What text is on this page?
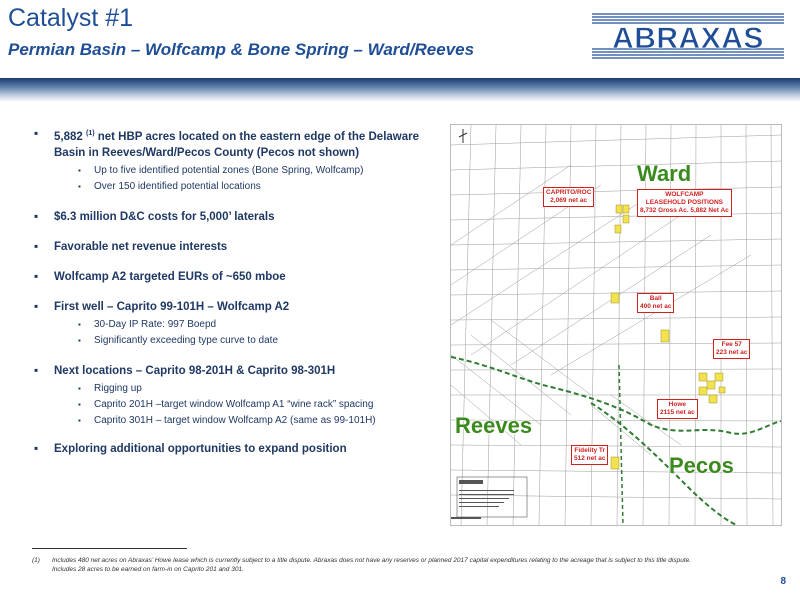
Catalyst #1
Permian Basin – Wolfcamp & Bone Spring – Ward/Reeves	ABRAXAS
▪ 5,882 $^{(1)}$ net HBP acres located on the eastern edge of the Delaware Basin in Reeves/Ward/Pecos County (Pecos not shown)
▪ Up to five identified potential zones (Bone Spring, Wolfcamp)
▪ Over 150 identified potential locations
▪ $6.3 million D&C costs for 5,000’ laterals
▪ Favorable net revenue interests
▪ Wolfcamp A2 targeted EURs of ~650 mboe
▪ First well – Caprito 99-101H – Wolfcamp A2
▪ 30-Day IP Rate: 997 Boepd
▪ Significantly exceeding type curve to date
▪ Next locations – Caprito 98-201H & Caprito 98-301H
▪ Rigging up
▪ Caprito 201H –target window Wolfcamp A1 “wine rack” spacing
▪ Caprito 301H – target window Wolfcamp A2 (same as 99-101H)
▪ Exploring additional opportunities to expand position
Ward
Reeves
Pecos
CAPRITO/ROC
2,069 net ac
WOLFCAMP
LEASEHOLD POSITIONS
8,732 Gross Ac. 5,882 Net Ac
Ball
400 net ac
Fee 57
223 net ac
Howe
2115 net ac
Fidelity Tr
512 net ac
(1)	Includes 480 net acres on Abraxas’ Howe lease which is currently subject to a title dispute. Abraxas does not have any reserves or planned 2017 capital expenditures relating to the acreage that is subject to this title dispute. Includes 28 acres to be earned on farm-in on Caprito 201 and 301.
8
